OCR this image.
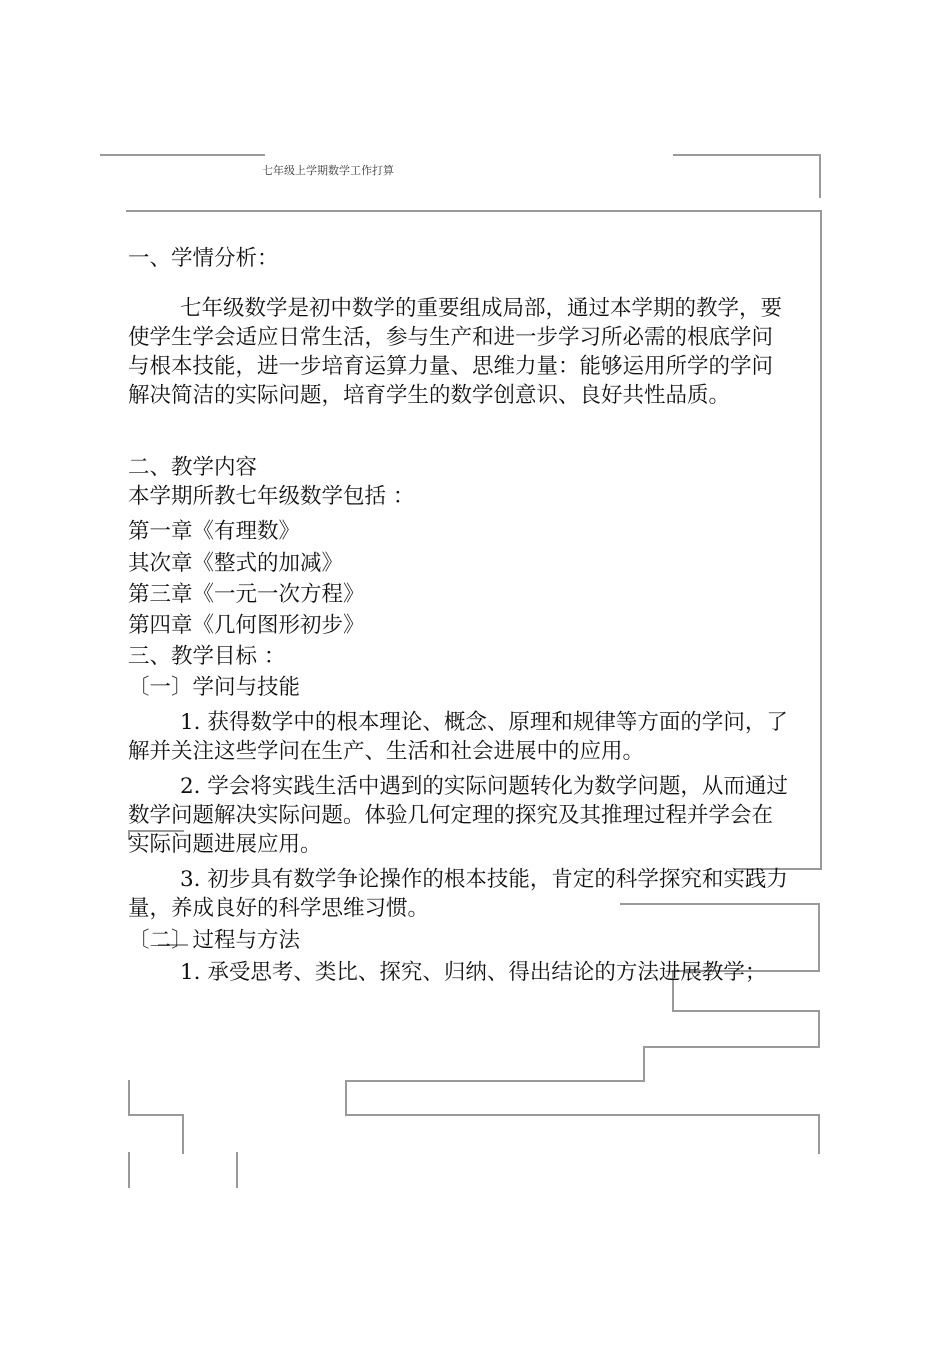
七年级上学期数学工作打算

一、学情分析：

七年级数学是初中数学的重要组成局部，通过本学期的教学，要使学生学会适应日常生活，参与生产和进一步学习所必需的根底学问与根本技能，进一步培育运算力量、思维力量：能够运用所学的学问解决简洁的实际问题，培育学生的数学创意识、良好共性品质。

二、教学内容

本学期所教七年级数学包括 ：

第一章《有理数》

其次章《整式的加减》

第三章《一元一次方程》

第四章《几何图形初步》

三、教学目标 ：

〔一〕学问与技能

1. 获得数学中的根本理论、概念、原理和规律等方面的学问，了解并关注这些学问在生产、生活和社会进展中的应用。

2. 学会将实践生活中遇到的实际问题转化为数学问题，从而通过数学问题解决实际问题。体验几何定理的探究及其推理过程并学会在实际问题进展应用。

3. 初步具有数学争论操作的根本技能，肯定的科学探究和实践力量，养成良好的科学思维习惯。

〔二〕过程与方法

1. 承受思考、类比、探究、归纳、得出结论的方法进展教学；
